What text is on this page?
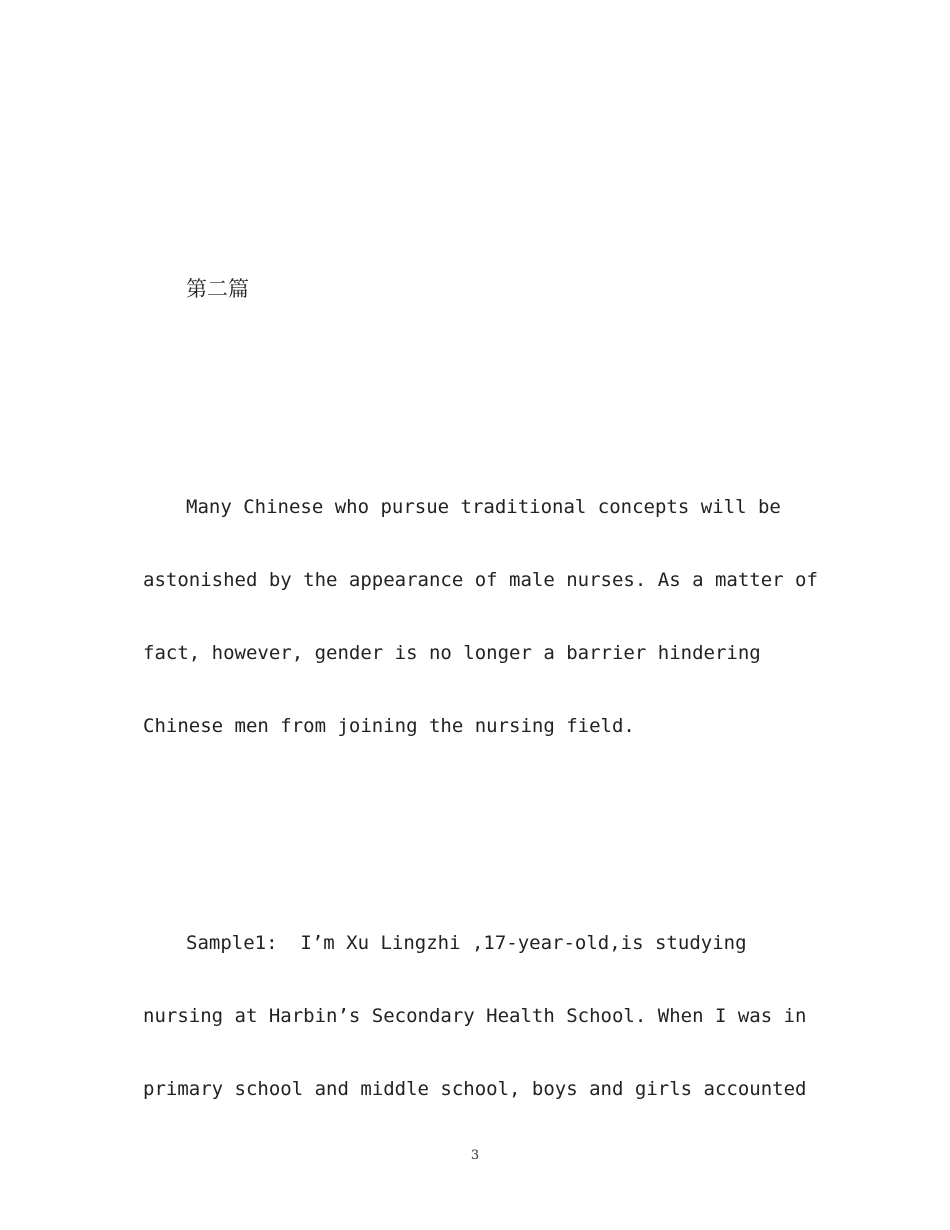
第二篇
Many Chinese who pursue traditional concepts will be
astonished by the appearance of male nurses. As a matter of
fact, however, gender is no longer a barrier hindering
Chinese men from joining the nursing field.
Sample1:  I’m Xu Lingzhi ,17-year-old,is studying
nursing at Harbin’s Secondary Health School. When I was in
primary school and middle school, boys and girls accounted
3
